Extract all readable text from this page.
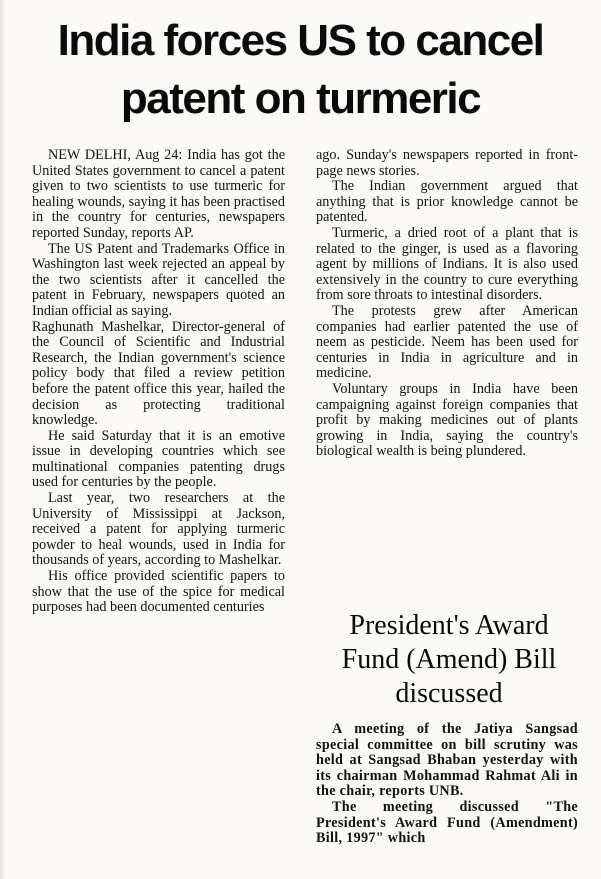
India forces US to cancel
patent on turmeric

NEW DELHI, Aug 24: India has got the United States government to cancel a patent given to two scientists to use turmeric for healing wounds, saying it has been practised in the country for centuries, newspapers reported Sunday, reports AP.

The US Patent and Trademarks Office in Washington last week rejected an appeal by the two scientists after it cancelled the patent in February, newspapers quoted an Indian official as saying.

Raghunath Mashelkar, Director-general of the Council of Scientific and Industrial Research, the Indian government's science policy body that filed a review petition before the patent office this year, hailed the decision as protecting traditional knowledge.

He said Saturday that it is an emotive issue in developing countries which see multinational companies patenting drugs used for centuries by the people.

Last year, two researchers at the University of Mississippi at Jackson, received a patent for applying turmeric powder to heal wounds, used in India for thousands of years, according to Mashelkar.

His office provided scientific papers to show that the use of the spice for medical purposes had been documented centuries

ago. Sunday's newspapers reported in front-page news stories.

The Indian government argued that anything that is prior knowledge cannot be patented.

Turmeric, a dried root of a plant that is related to the ginger, is used as a flavoring agent by millions of Indians. It is also used extensively in the country to cure everything from sore throats to intestinal disorders.

The protests grew after American companies had earlier patented the use of neem as pesticide. Neem has been used for centuries in India in agriculture and in medicine.

Voluntary groups in India have been campaigning against foreign companies that profit by making medicines out of plants growing in India, saying the country's biological wealth is being plundered.

President's Award
Fund (Amend) Bill
discussed

A meeting of the Jatiya Sangsad special committee on bill scrutiny was held at Sangsad Bhaban yesterday with its chairman Mohammad Rahmat Ali in the chair, reports UNB.

The meeting discussed "The President's Award Fund (Amendment) Bill, 1997" which
